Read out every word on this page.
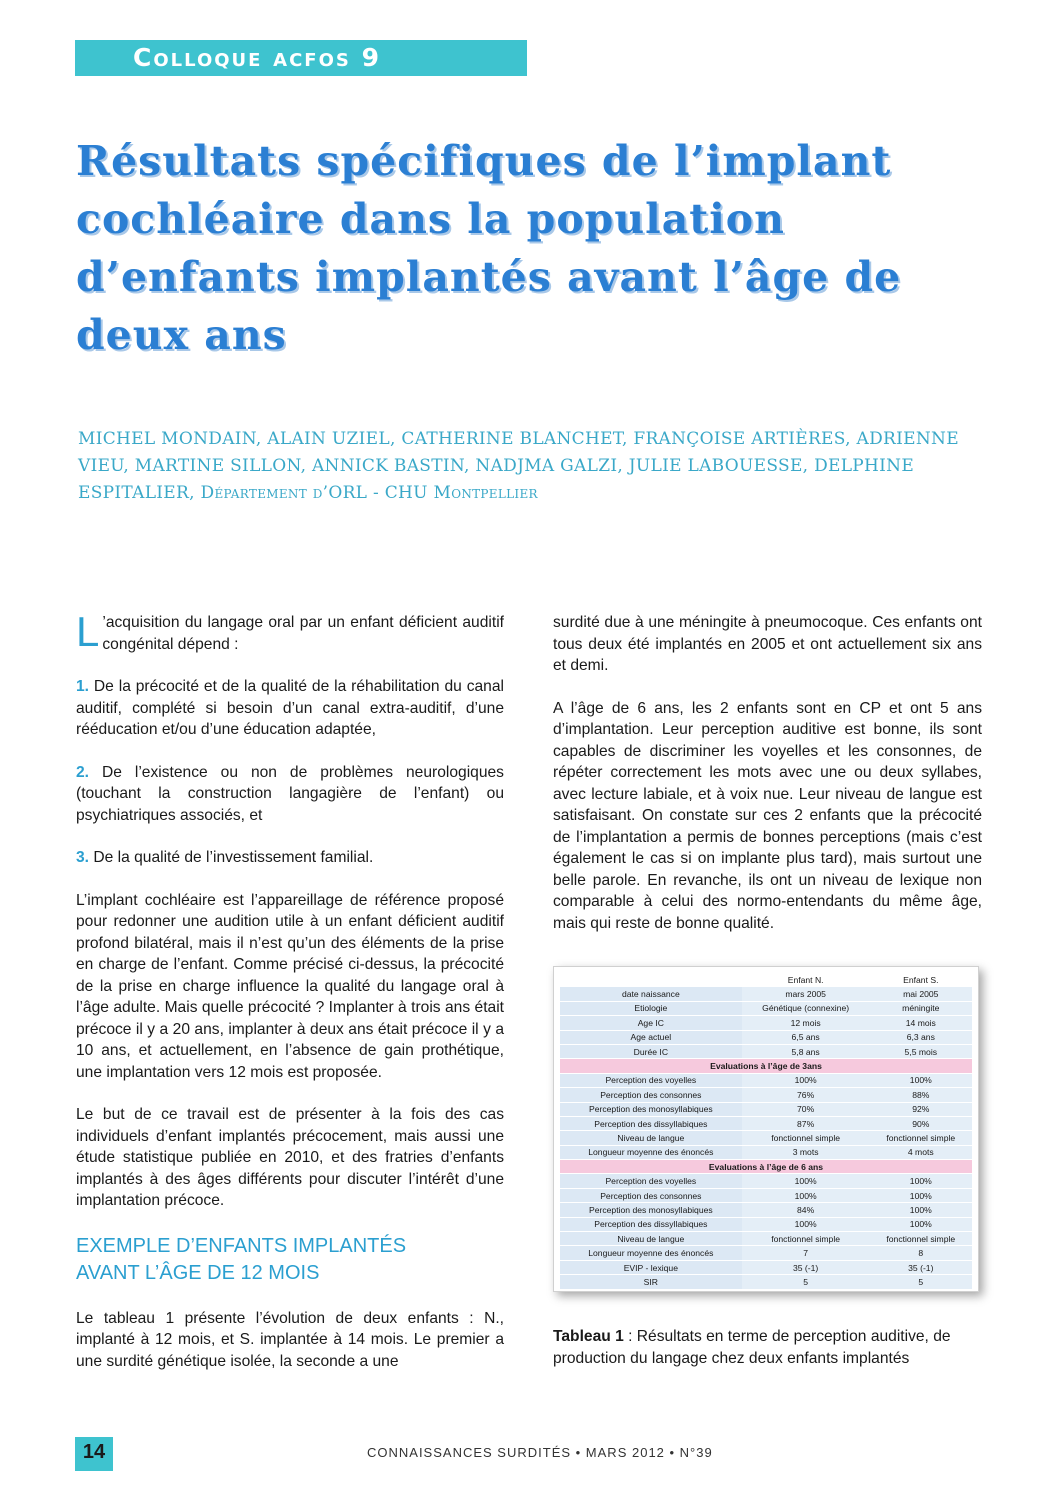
Colloque acfos 9
Résultats spécifiques de l’implant cochléaire dans la population d’enfants implantés avant l’âge de deux ans

MICHEL MONDAIN, ALAIN UZIEL, CATHERINE BLANCHET, FRANÇOISE ARTIÈRES, ADRIENNE VIEU, MARTINE SILLON, ANNICK BASTIN, NADJMA GALZI, JULIE LABOUESSE, DELPHINE ESPITALIER, Département d’ORL - CHU Montpellier

L ’acquisition du langage oral par un enfant déficient auditif congénital dépend :

1. De la précocité et de la qualité de la réhabilitation du canal auditif, complété si besoin d’un canal extra-auditif, d’une rééducation et/ou d’une éducation adaptée,

2. De l’existence ou non de problèmes neurologiques (touchant la construction langagière de l’enfant) ou psychiatriques associés, et

3. De la qualité de l’investissement familial.

L’implant cochléaire est l’appareillage de référence proposé pour redonner une audition utile à un enfant déficient auditif profond bilatéral, mais il n’est qu’un des éléments de la prise en charge de l’enfant. Comme précisé ci-dessus, la précocité de la prise en charge influence la qualité du langage oral à l’âge adulte. Mais quelle précocité ? Implanter à trois ans était précoce il y a 20 ans, implanter à deux ans était précoce il y a 10 ans, et actuellement, en l’absence de gain prothétique, une implantation vers 12 mois est proposée.

Le but de ce travail est de présenter à la fois des cas individuels d’enfant implantés précocement, mais aussi une étude statistique publiée en 2010, et des fratries d’enfants implantés à des âges différents pour discuter l’intérêt d’une implantation précoce.

EXEMPLE D’ENFANTS IMPLANTÉS
AVANT L’ÂGE DE 12 MOIS

Le tableau 1 présente l’évolution de deux enfants : N., implanté à 12 mois, et S. implantée à 14 mois. Le premier a une surdité génétique isolée, la seconde a une

surdité due à une méningite à pneumocoque. Ces enfants ont tous deux été implantés en 2005 et ont actuellement six ans et demi.

A l’âge de 6 ans, les 2 enfants sont en CP et ont 5 ans d’implantation. Leur perception auditive est bonne, ils sont capables de discriminer les voyelles et les consonnes, de répéter correctement les mots avec une ou deux syllabes, avec lecture labiale, et à voix nue. Leur niveau de langue est satisfaisant. On constate sur ces 2 enfants que la précocité de l’implantation a permis de bonnes perceptions (mais c’est également le cas si on implante plus tard), mais surtout une belle parole. En revanche, ils ont un niveau de lexique non comparable à celui des normo-entendants du même âge, mais qui reste de bonne qualité.

	Enfant N.	Enfant S.
date naissance	mars 2005	mai 2005
Etiologie	Génétique (connexine)	méningite
Age IC	12 mois	14 mois
Age actuel	6,5 ans	6,3 ans
Durée IC	5,8 ans	5,5 mois
Evaluations à l’âge de 3ans		
Perception des voyelles	100%	100%
Perception des consonnes	76%	88%
Perception des monosyllabiques	70%	92%
Perception des dissyllabiques	87%	90%
Niveau de langue	fonctionnel simple	fonctionnel simple
Longueur moyenne des énoncés	3 mots	4 mots
Evaluations à l’âge de 6 ans		
Perception des voyelles	100%	100%
Perception des consonnes	100%	100%
Perception des monosyllabiques	84%	100%
Perception des dissyllabiques	100%	100%
Niveau de langue	fonctionnel simple	fonctionnel simple
Longueur moyenne des énoncés	7	8
EVIP - lexique	35 (-1)	35 (-1)
SIR	5	5
Tableau 1 : Résultats en terme de perception auditive, de production du langage chez deux enfants implantés
14	CONNAISSANCES SURDITÉS • MARS 2012 • N°39
